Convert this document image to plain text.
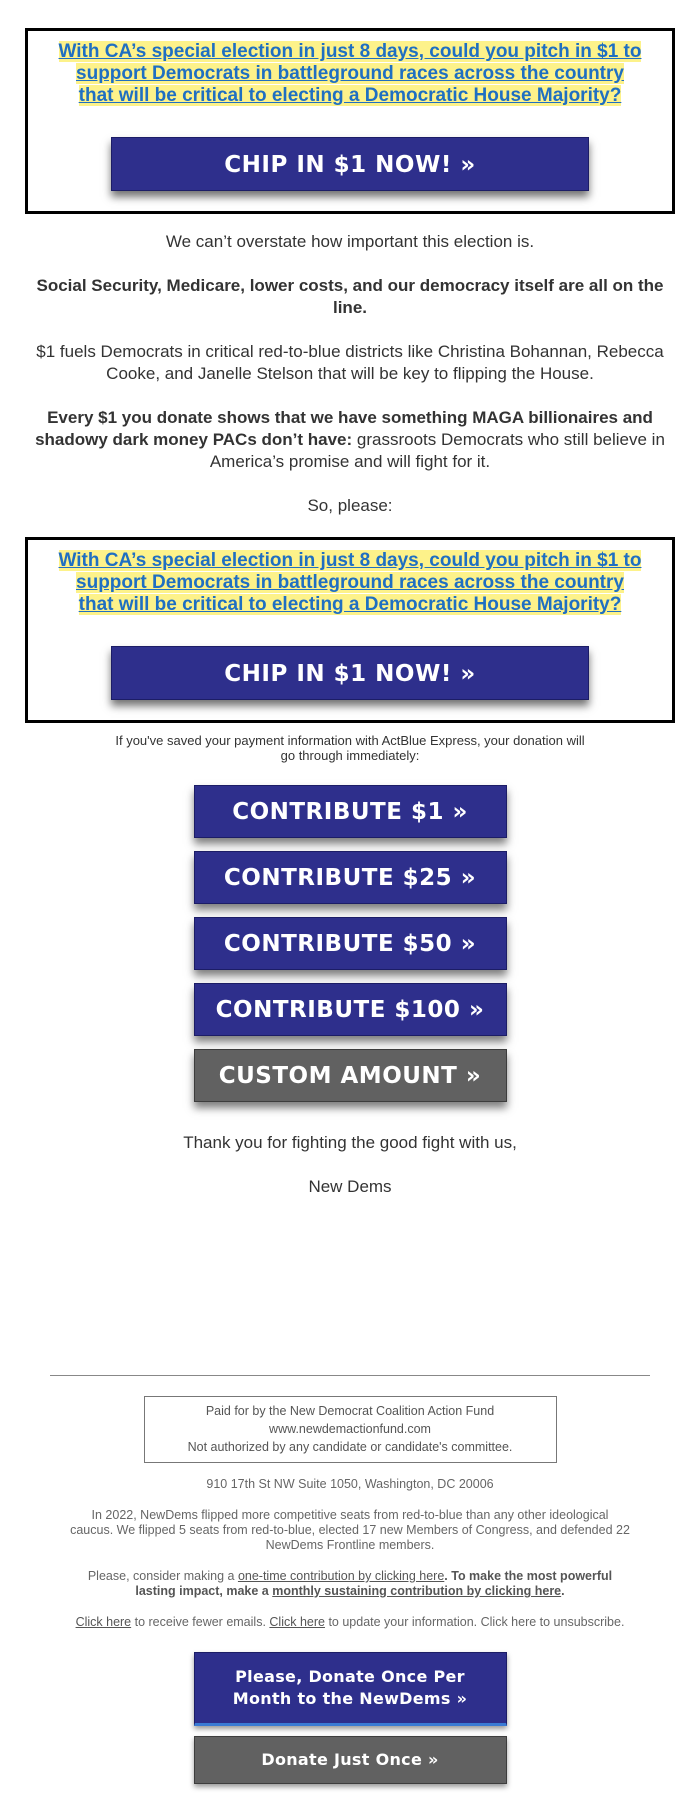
With CA’s special election in just 8 days, could you pitch in $1 to support Democrats in battleground races across the country that will be critical to electing a Democratic House Majority?
CHIP IN $1 NOW! »
We can’t overstate how important this election is.
Social Security, Medicare, lower costs, and our democracy itself are all on the line.
$1 fuels Democrats in critical red-to-blue districts like Christina Bohannan, Rebecca Cooke, and Janelle Stelson that will be key to flipping the House.
Every $1 you donate shows that we have something MAGA billionaires and shadowy dark money PACs don’t have: grassroots Democrats who still believe in America’s promise and will fight for it.
So, please:
With CA’s special election in just 8 days, could you pitch in $1 to support Democrats in battleground races across the country that will be critical to electing a Democratic House Majority?
CHIP IN $1 NOW! »
If you've saved your payment information with ActBlue Express, your donation will go through immediately:
CONTRIBUTE $1 »
CONTRIBUTE $25 »
CONTRIBUTE $50 »
CONTRIBUTE $100 »
CUSTOM AMOUNT »
Thank you for fighting the good fight with us,
New Dems
Paid for by the New Democrat Coalition Action Fund
www.newdemactionfund.com
Not authorized by any candidate or candidate's committee.
910 17th St NW Suite 1050, Washington, DC 20006
In 2022, NewDems flipped more competitive seats from red-to-blue than any other ideological caucus. We flipped 5 seats from red-to-blue, elected 17 new Members of Congress, and defended 22 NewDems Frontline members.
Please, consider making a one-time contribution by clicking here. To make the most powerful lasting impact, make a monthly sustaining contribution by clicking here.
Click here to receive fewer emails. Click here to update your information. Click here to unsubscribe.
Please, Donate Once Per Month to the NewDems »
Donate Just Once »
